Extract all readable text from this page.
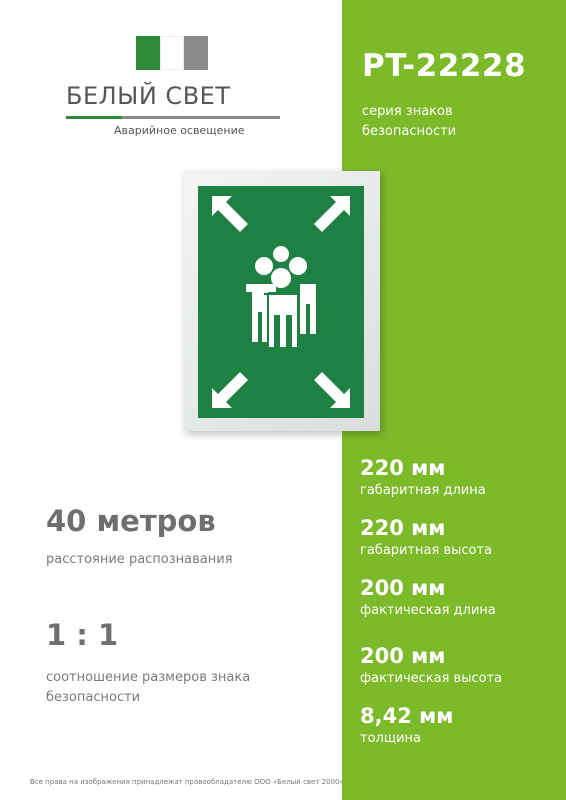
БЕЛЫЙ СВЕТ
Аварийное освещение
PT-22228
серия знаков безопасности
220 мм
габаритная длина
220 мм
габаритная высота
200 мм
фактическая длина
200 мм
фактическая высота
8,42 мм
толщина
40 метров
расстояние распознавания
1 : 1
соотношение размеров знака безопасности
Все права на изображения принадлежат правообладателю ООО «Белый свет 2000»
